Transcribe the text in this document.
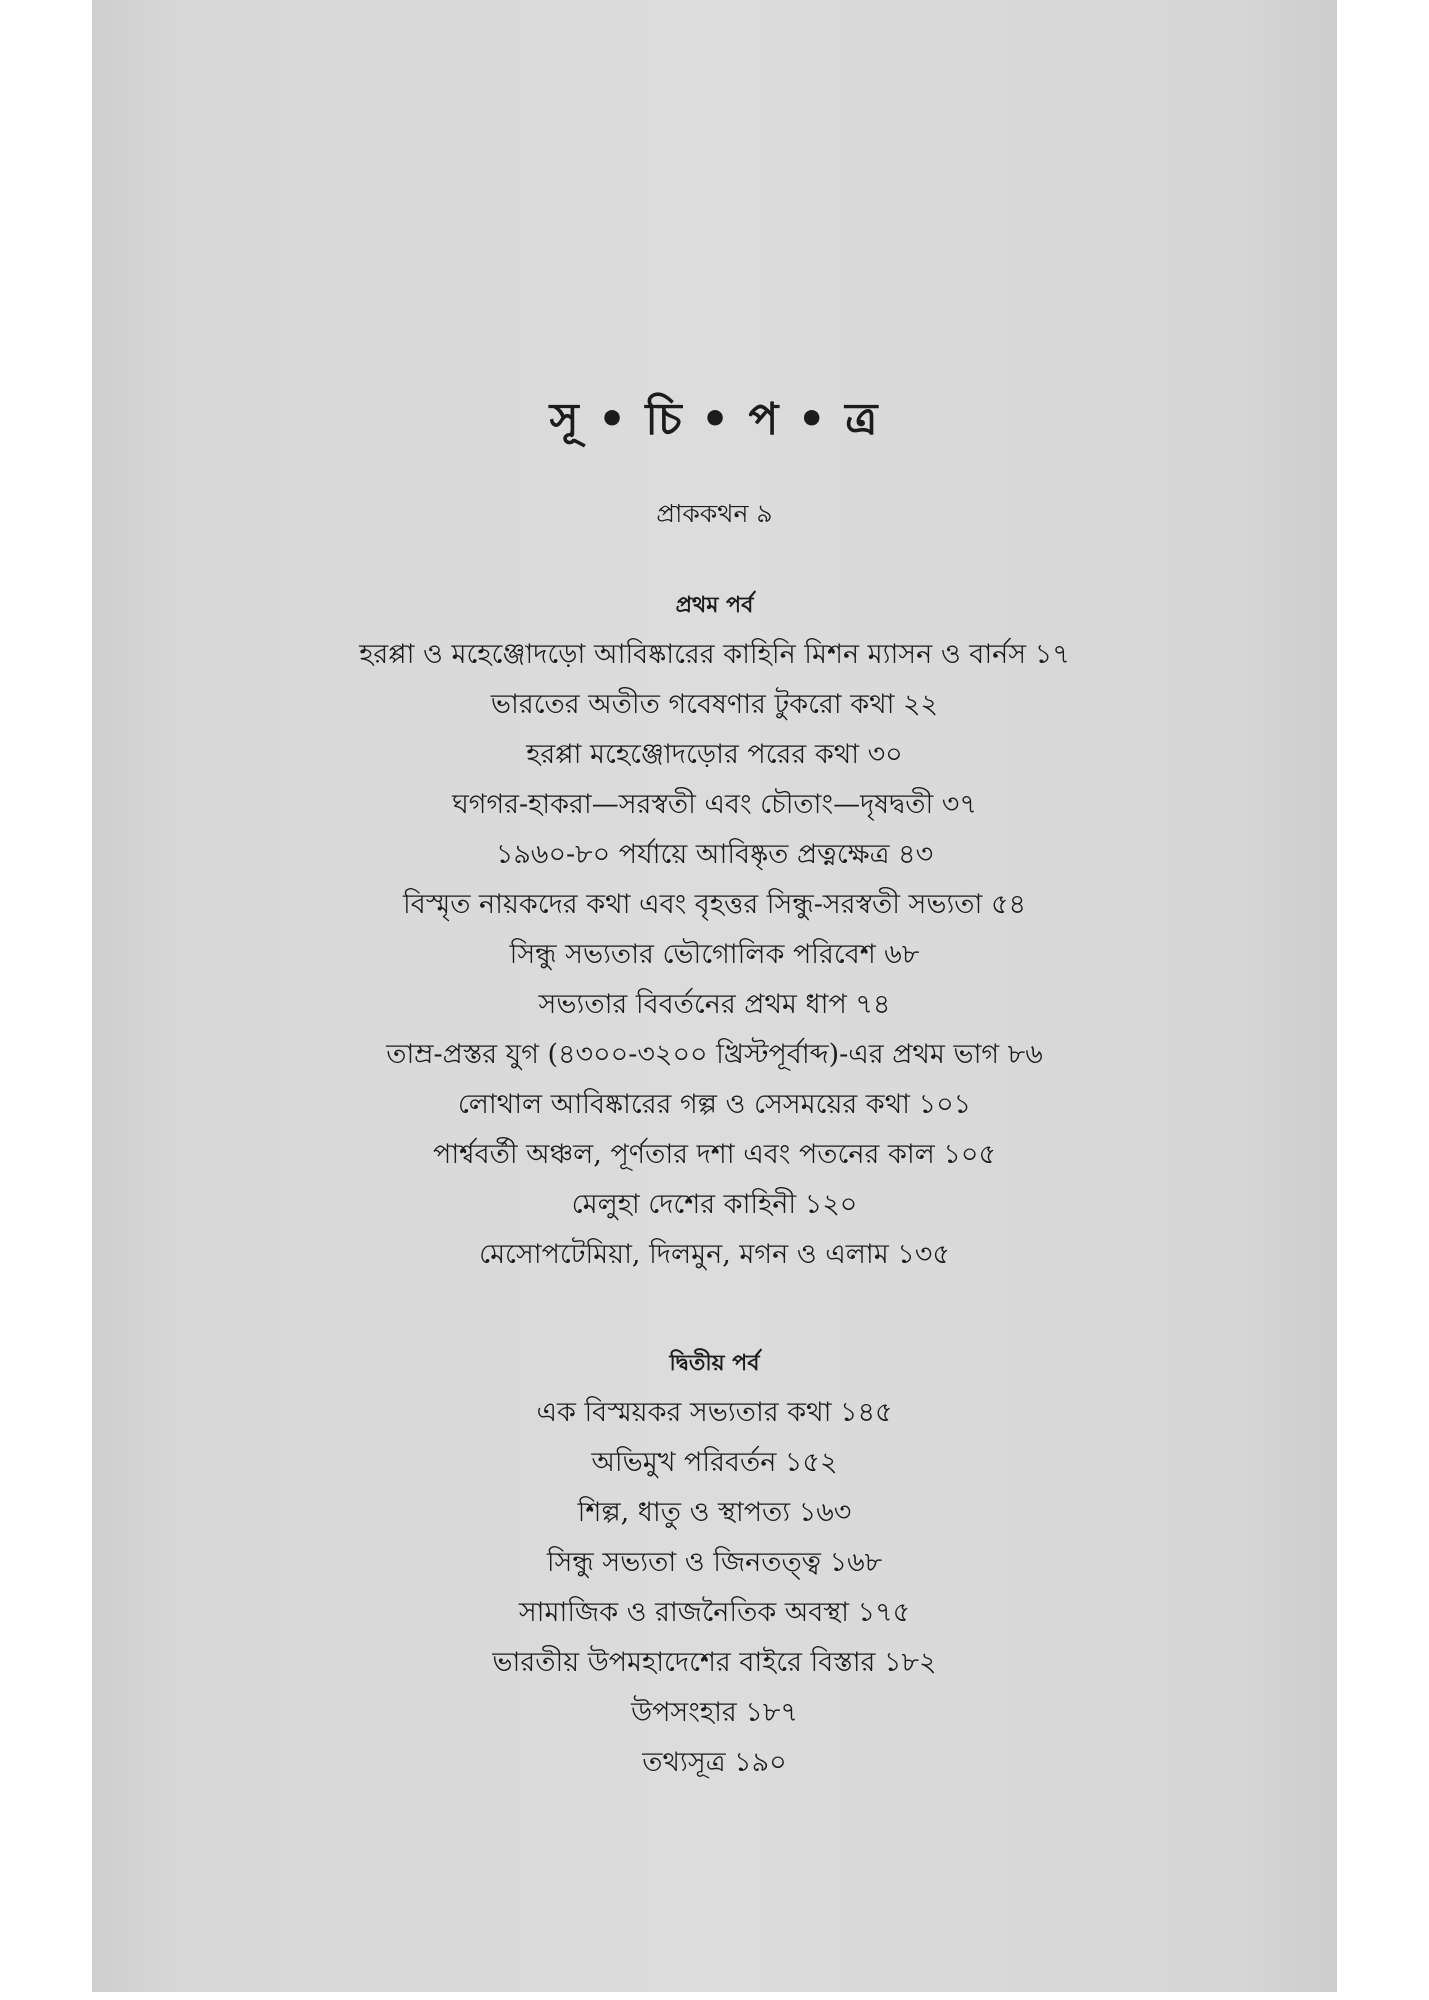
সূ • চি • প • ত্র

প্রাককথন ৯

প্রথম পর্ব
হরপ্পা ও মহেঞ্জোদড়ো আবিষ্কারের কাহিনি মিশন ম্যাসন ও বার্নস ১৭
ভারতের অতীত গবেষণার টুকরো কথা ২২
হরপ্পা মহেঞ্জোদড়োর পরের কথা ৩০
ঘগগর-হাকরা—সরস্বতী এবং চৌতাং—দৃষদ্বতী ৩৭
১৯৬০-৮০ পর্যায়ে আবিষ্কৃত প্রত্নক্ষেত্র ৪৩
বিস্মৃত নায়কদের কথা এবং বৃহত্তর সিন্ধু-সরস্বতী সভ্যতা ৫৪
সিন্ধু সভ্যতার ভৌগোলিক পরিবেশ ৬৮
সভ্যতার বিবর্তনের প্রথম ধাপ ৭৪
তাম্র-প্রস্তর যুগ (৪৩০০-৩২০০ খ্রিস্টপূর্বাব্দ)-এর প্রথম ভাগ ৮৬
লোথাল আবিষ্কারের গল্প ও সেসময়ের কথা ১০১
পার্শ্ববর্তী অঞ্চল, পূর্ণতার দশা এবং পতনের কাল ১০৫
মেলুহা দেশের কাহিনী ১২০
মেসোপটেমিয়া, দিলমুন, মগন ও এলাম ১৩৫
দ্বিতীয় পর্ব
এক বিস্ময়কর সভ্যতার কথা ১৪৫
অভিমুখ পরিবর্তন ১৫২
শিল্প, ধাতু ও স্থাপত্য ১৬৩
সিন্ধু সভ্যতা ও জিনতত্ত্ব ১৬৮
সামাজিক ও রাজনৈতিক অবস্থা ১৭৫
ভারতীয় উপমহাদেশের বাইরে বিস্তার ১৮২
উপসংহার ১৮৭
তথ্যসূত্র ১৯০
